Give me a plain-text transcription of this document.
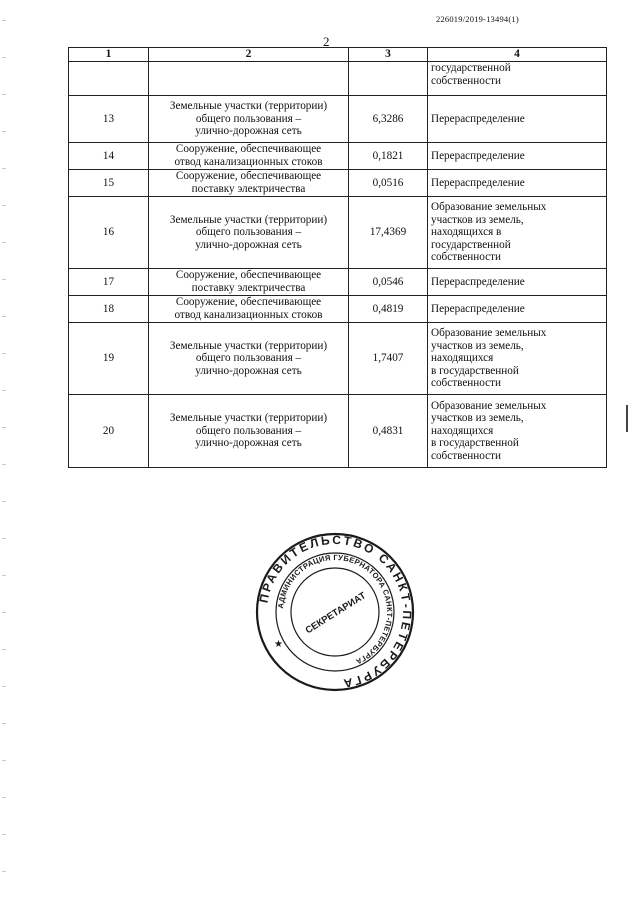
226019/2019-13494(1)
2
1	2	3	4

			государственной
собственности

13	Земельные участки (территории)
общего пользования –
улично-дорожная сеть	6,3286	Перераспределение

14	Сооружение, обеспечивающее
отвод канализационных стоков	0,1821	Перераспределение

15	Сооружение, обеспечивающее
поставку электричества	0,0516	Перераспределение

16	Земельные участки (территории)
общего пользования –
улично-дорожная сеть	17,4369	Образование земельных
участков из земель,
находящихся в
государственной
собственности

17	Сооружение, обеспечивающее
поставку электричества	0,0546	Перераспределение

18	Сооружение, обеспечивающее
отвод канализационных стоков	0,4819	Перераспределение

19	Земельные участки (территории)
общего пользования –
улично-дорожная сеть	1,7407	Образование земельных
участков из земель,
находящихся
в государственной
собственности

20	Земельные участки (территории)
общего пользования –
улично-дорожная сеть	0,4831	Образование земельных
участков из земель,
находящихся
в государственной
собственности
ПРАВИТЕЛЬСТВО САНКТ-ПЕТЕРБУРГА
АДМИНИСТРАЦИЯ ГУБЕРНАТОРА САНКТ-ПЕТЕРБУРГА
СЕКРЕТАРИАТ
★
